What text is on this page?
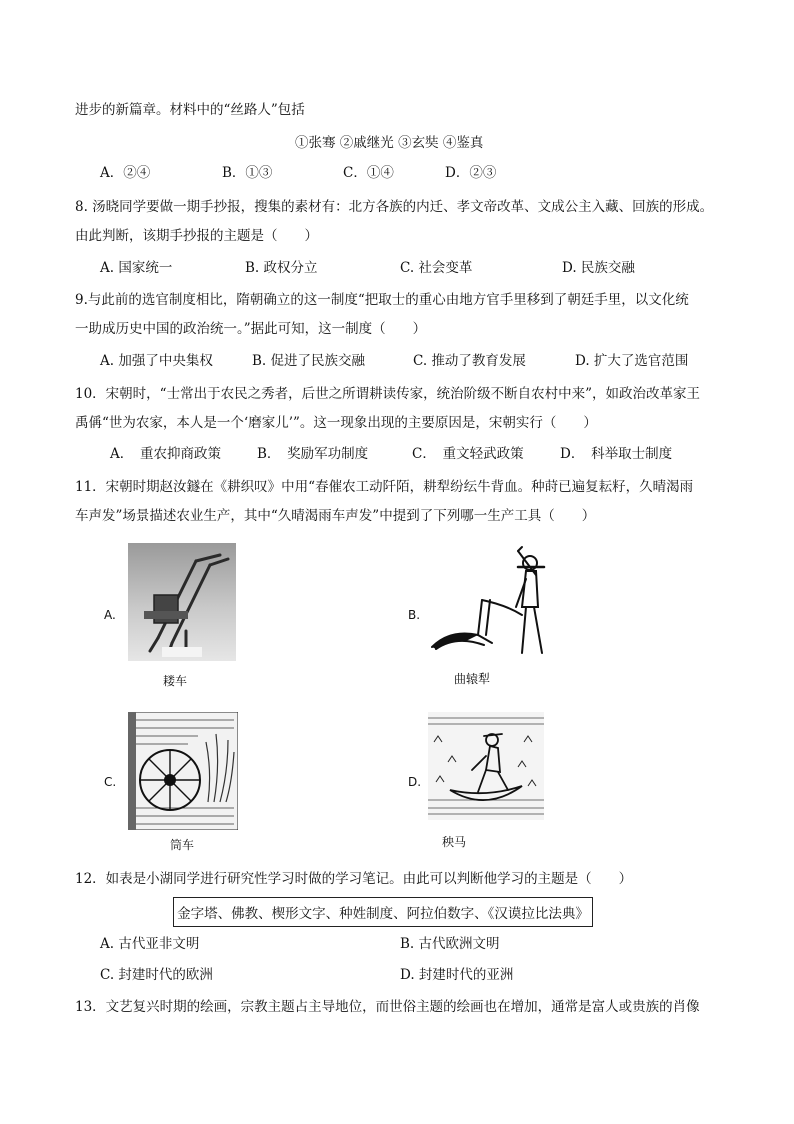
进步的新篇章。材料中的“丝路人”包括
①张骞 ②戚继光 ③玄奘 ④鉴真
A．②④	B．①③	C．①④	D．②③
8. 汤晓同学要做一期手抄报，搜集的素材有：北方各族的内迁、孝文帝改革、文成公主入藏、回族的形成。
由此判断，该期手抄报的主题是（　　）
A. 国家统一	B. 政权分立	C. 社会变革	D. 民族交融
9.与此前的选官制度相比，隋朝确立的这一制度“把取士的重心由地方官手里移到了朝廷手里，以文化统
一助成历史中国的政治统一。”据此可知，这一制度（　　）
A. 加强了中央集权	B. 促进了民族交融	C. 推动了教育发展	D. 扩大了选官范围
10．宋朝时，“士常出于农民之秀者，后世之所谓耕读传家，统治阶级不断自农村中来”，如政治改革家王
禹偁“世为农家，本人是一个‘磨家儿’”。这一现象出现的主要原因是，宋朝实行（　　）
A．　重农抑商政策	B．　奖励军功制度	C．　重文轻武政策	D．　科举取士制度
11．宋朝时期赵汝鐩在《耕织叹》中用“春催农工动阡陌，耕犁纷纭牛背血。种莳已遍复耘籽，久晴渴雨
车声发”场景描述农业生产，其中“久晴渴雨车声发”中提到了下列哪一生产工具（　　）
A.
耧车
B.
曲辕犁
C.
筒车
D.
秧马
12．如表是小湖同学进行研究性学习时做的学习笔记。由此可以判断他学习的主题是（　　）
金字塔、佛教、楔形文字、种姓制度、阿拉伯数字、《汉谟拉比法典》
A. 古代亚非文明	B. 古代欧洲文明
C. 封建时代的欧洲	D. 封建时代的亚洲
13．文艺复兴时期的绘画，宗教主题占主导地位，而世俗主题的绘画也在增加，通常是富人或贵族的肖像
